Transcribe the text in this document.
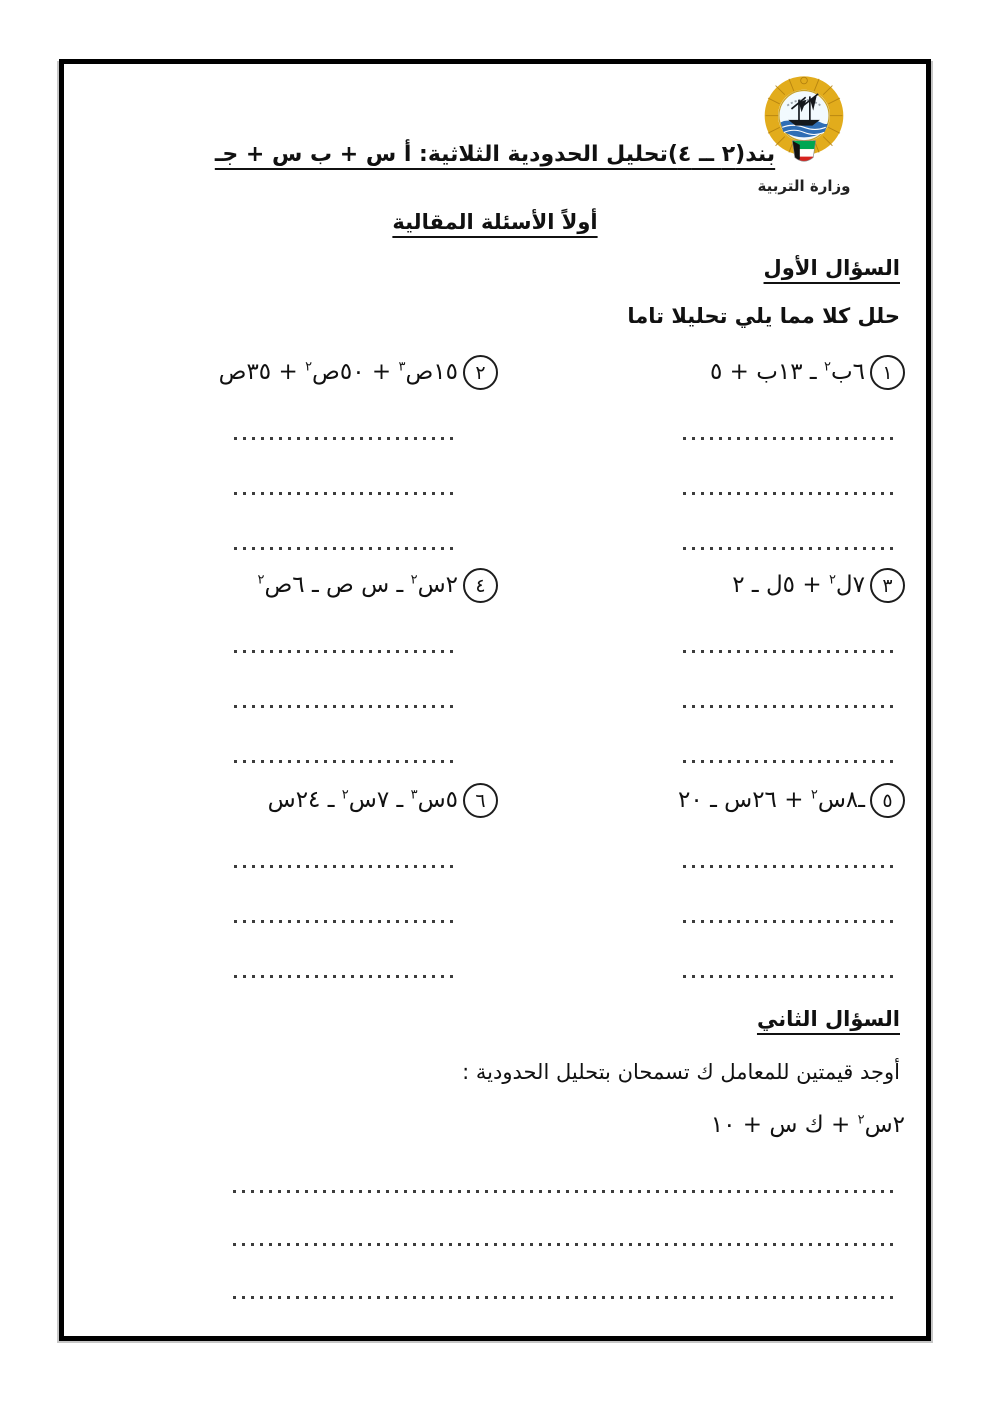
وزارة التربية
بند(٢ ــ ٤)تحليل الحدودية الثلاثية: أ س + ب س + جـ
أولاً الأسئلة المقالية
السؤال الأول
حلل كلا مما يلي تحليلا تاما
١
٦ب$^٢$ ـ ١٣ب + ٥
٢
١٥ص$^٣$ + ٥٠ص$^٢$ + ٣٥ص
٣
٧ل$^٢$ + ٥ل ـ ٢
٤
٢س$^٢$ ـ س ص ـ ٦ص$^٢$
٥
ـ٨س$^٢$ + ٢٦س ـ ٢٠
٦
٥س$^٣$ ـ ٧س$^٢$ ـ ٢٤س
السؤال الثاني
أوجد قيمتين للمعامل ك تسمحان بتحليل الحدودية :
٢س$^٢$ + ك س + ١٠
